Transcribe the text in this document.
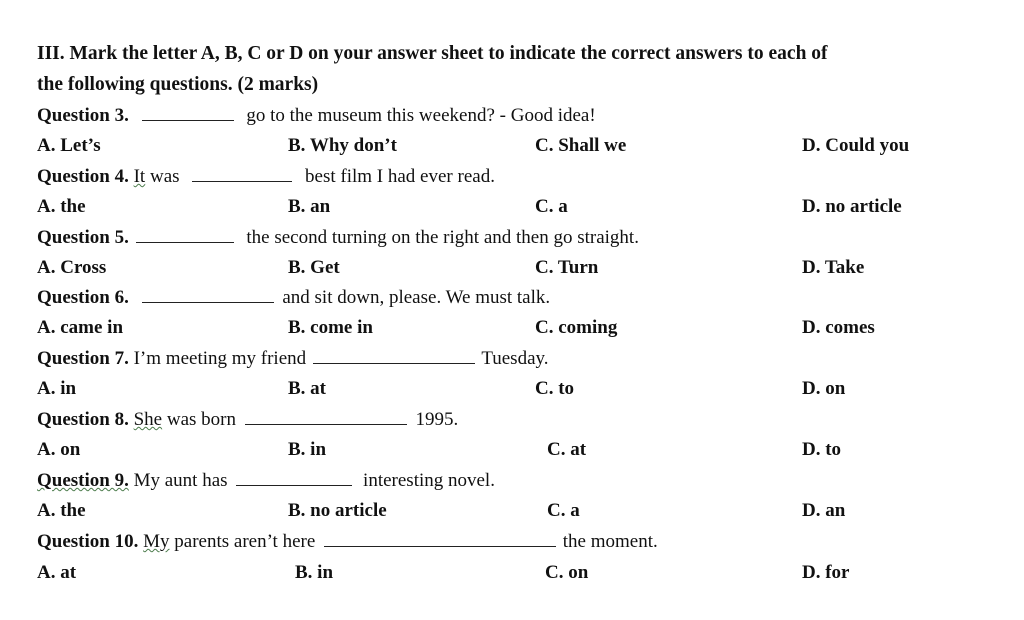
III. Mark the letter A, B, C or D on your answer sheet to indicate the correct answers to each of
the following questions. (2 marks)
Question 3.	go to the museum this weekend? - Good idea!
A. Let’s	B. Why don’t	C. Shall we	D. Could you
Question 4. It was	best film I had ever read.
A. the	B. an	C. a	D. no article
Question 5.	the second turning on the right and then go straight.
A. Cross	B. Get	C. Turn	D. Take
Question 6.	and sit down, please. We must talk.
A. came in	B. come in	C. coming	D. comes
Question 7. I’m meeting my friend	Tuesday.
A. in	B. at	C. to	D. on
Question 8. She was born	1995.
A. on	B. in	C. at	D. to
Question 9. My aunt has	interesting novel.
A. the	B. no article	C. a	D. an
Question 10. My parents aren’t here	the moment.
A. at	B. in	C. on	D. for
